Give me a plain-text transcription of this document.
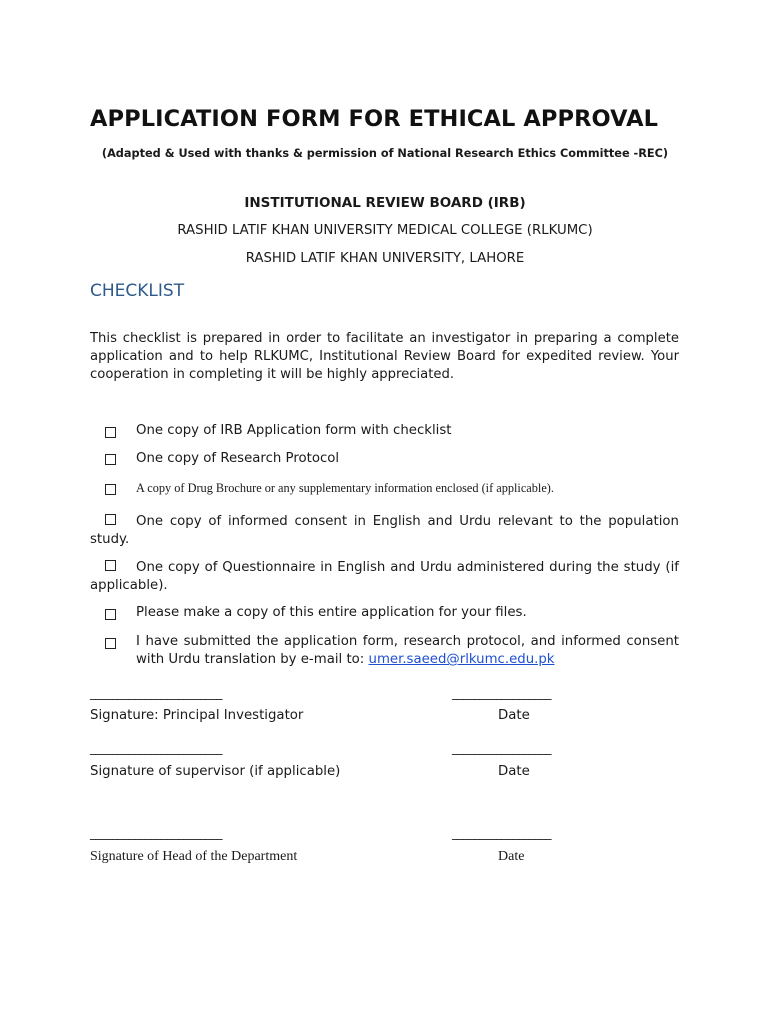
APPLICATION FORM FOR ETHICAL APPROVAL
(Adapted & Used with thanks & permission of National Research Ethics Committee -REC)
INSTITUTIONAL REVIEW BOARD (IRB)
RASHID LATIF KHAN UNIVERSITY MEDICAL COLLEGE (RLKUMC)
RASHID LATIF KHAN UNIVERSITY, LAHORE
CHECKLIST
This checklist is prepared in order to facilitate an investigator in preparing a complete application and to help RLKUMC, Institutional Review Board for expedited review. Your cooperation in completing it will be highly appreciated.
One copy of IRB Application form with checklist
One copy of Research Protocol
A copy of Drug Brochure or any supplementary information enclosed (if applicable).
One copy of informed consent in English and Urdu relevant to the population study.
One copy of Questionnaire in English and Urdu administered during the study (if applicable).
Please make a copy of this entire application for your files.
I have submitted the application form, research protocol, and informed consent with Urdu translation by e-mail to: umer.saeed@rlkumc.edu.pk
________________________	__________________
Signature: Principal Investigator	Date
________________________	__________________
Signature of supervisor (if applicable)	Date
________________________	__________________
Signature of Head of the Department	Date
